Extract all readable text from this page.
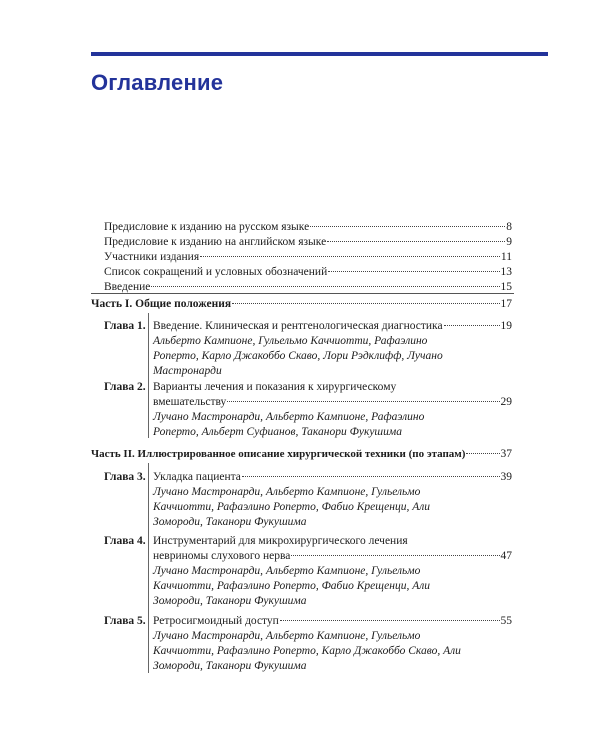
Оглавление
Предисловие к изданию на русском языке	8
Предисловие к изданию на английском языке	9
Участники издания	11
Список сокращений и условных обозначений	13
Введение	15
Часть I. Общие положения	17
Глава 1. Введение. Клиническая и рентгенологическая диагностика	19
Альберто Кампионе, Гульельмо Каччиотти, Рафаэлино
Роперто, Карло Джакоббо Скаво, Лори Рэдклифф, Лучано
Мастронарди
Глава 2. Варианты лечения и показания к хирургическому
вмешательству	29
Лучано Мастронарди, Альберто Кампионе, Рафаэлино
Роперто, Альберт Суфианов, Таканори Фукушима
Часть II. Иллюстрированное описание хирургической техники (по этапам)	37
Глава 3. Укладка пациента	39
Лучано Мастронарди, Альберто Кампионе, Гульельмо
Каччиотти, Рафаэлино Роперто, Фабио Крещенци, Али
Зомороди, Таканори Фукушима
Глава 4. Инструментарий для микрохирургического лечения
невриномы слухового нерва	47
Лучано Мастронарди, Альберто Кампионе, Гульельмо
Каччиотти, Рафаэлино Роперто, Фабио Крещенци, Али
Зомороди, Таканори Фукушима
Глава 5. Ретросигмоидный доступ	55
Лучано Мастронарди, Альберто Кампионе, Гульельмо
Каччиотти, Рафаэлино Роперто, Карло Джакоббо Скаво, Али
Зомороди, Таканори Фукушима
